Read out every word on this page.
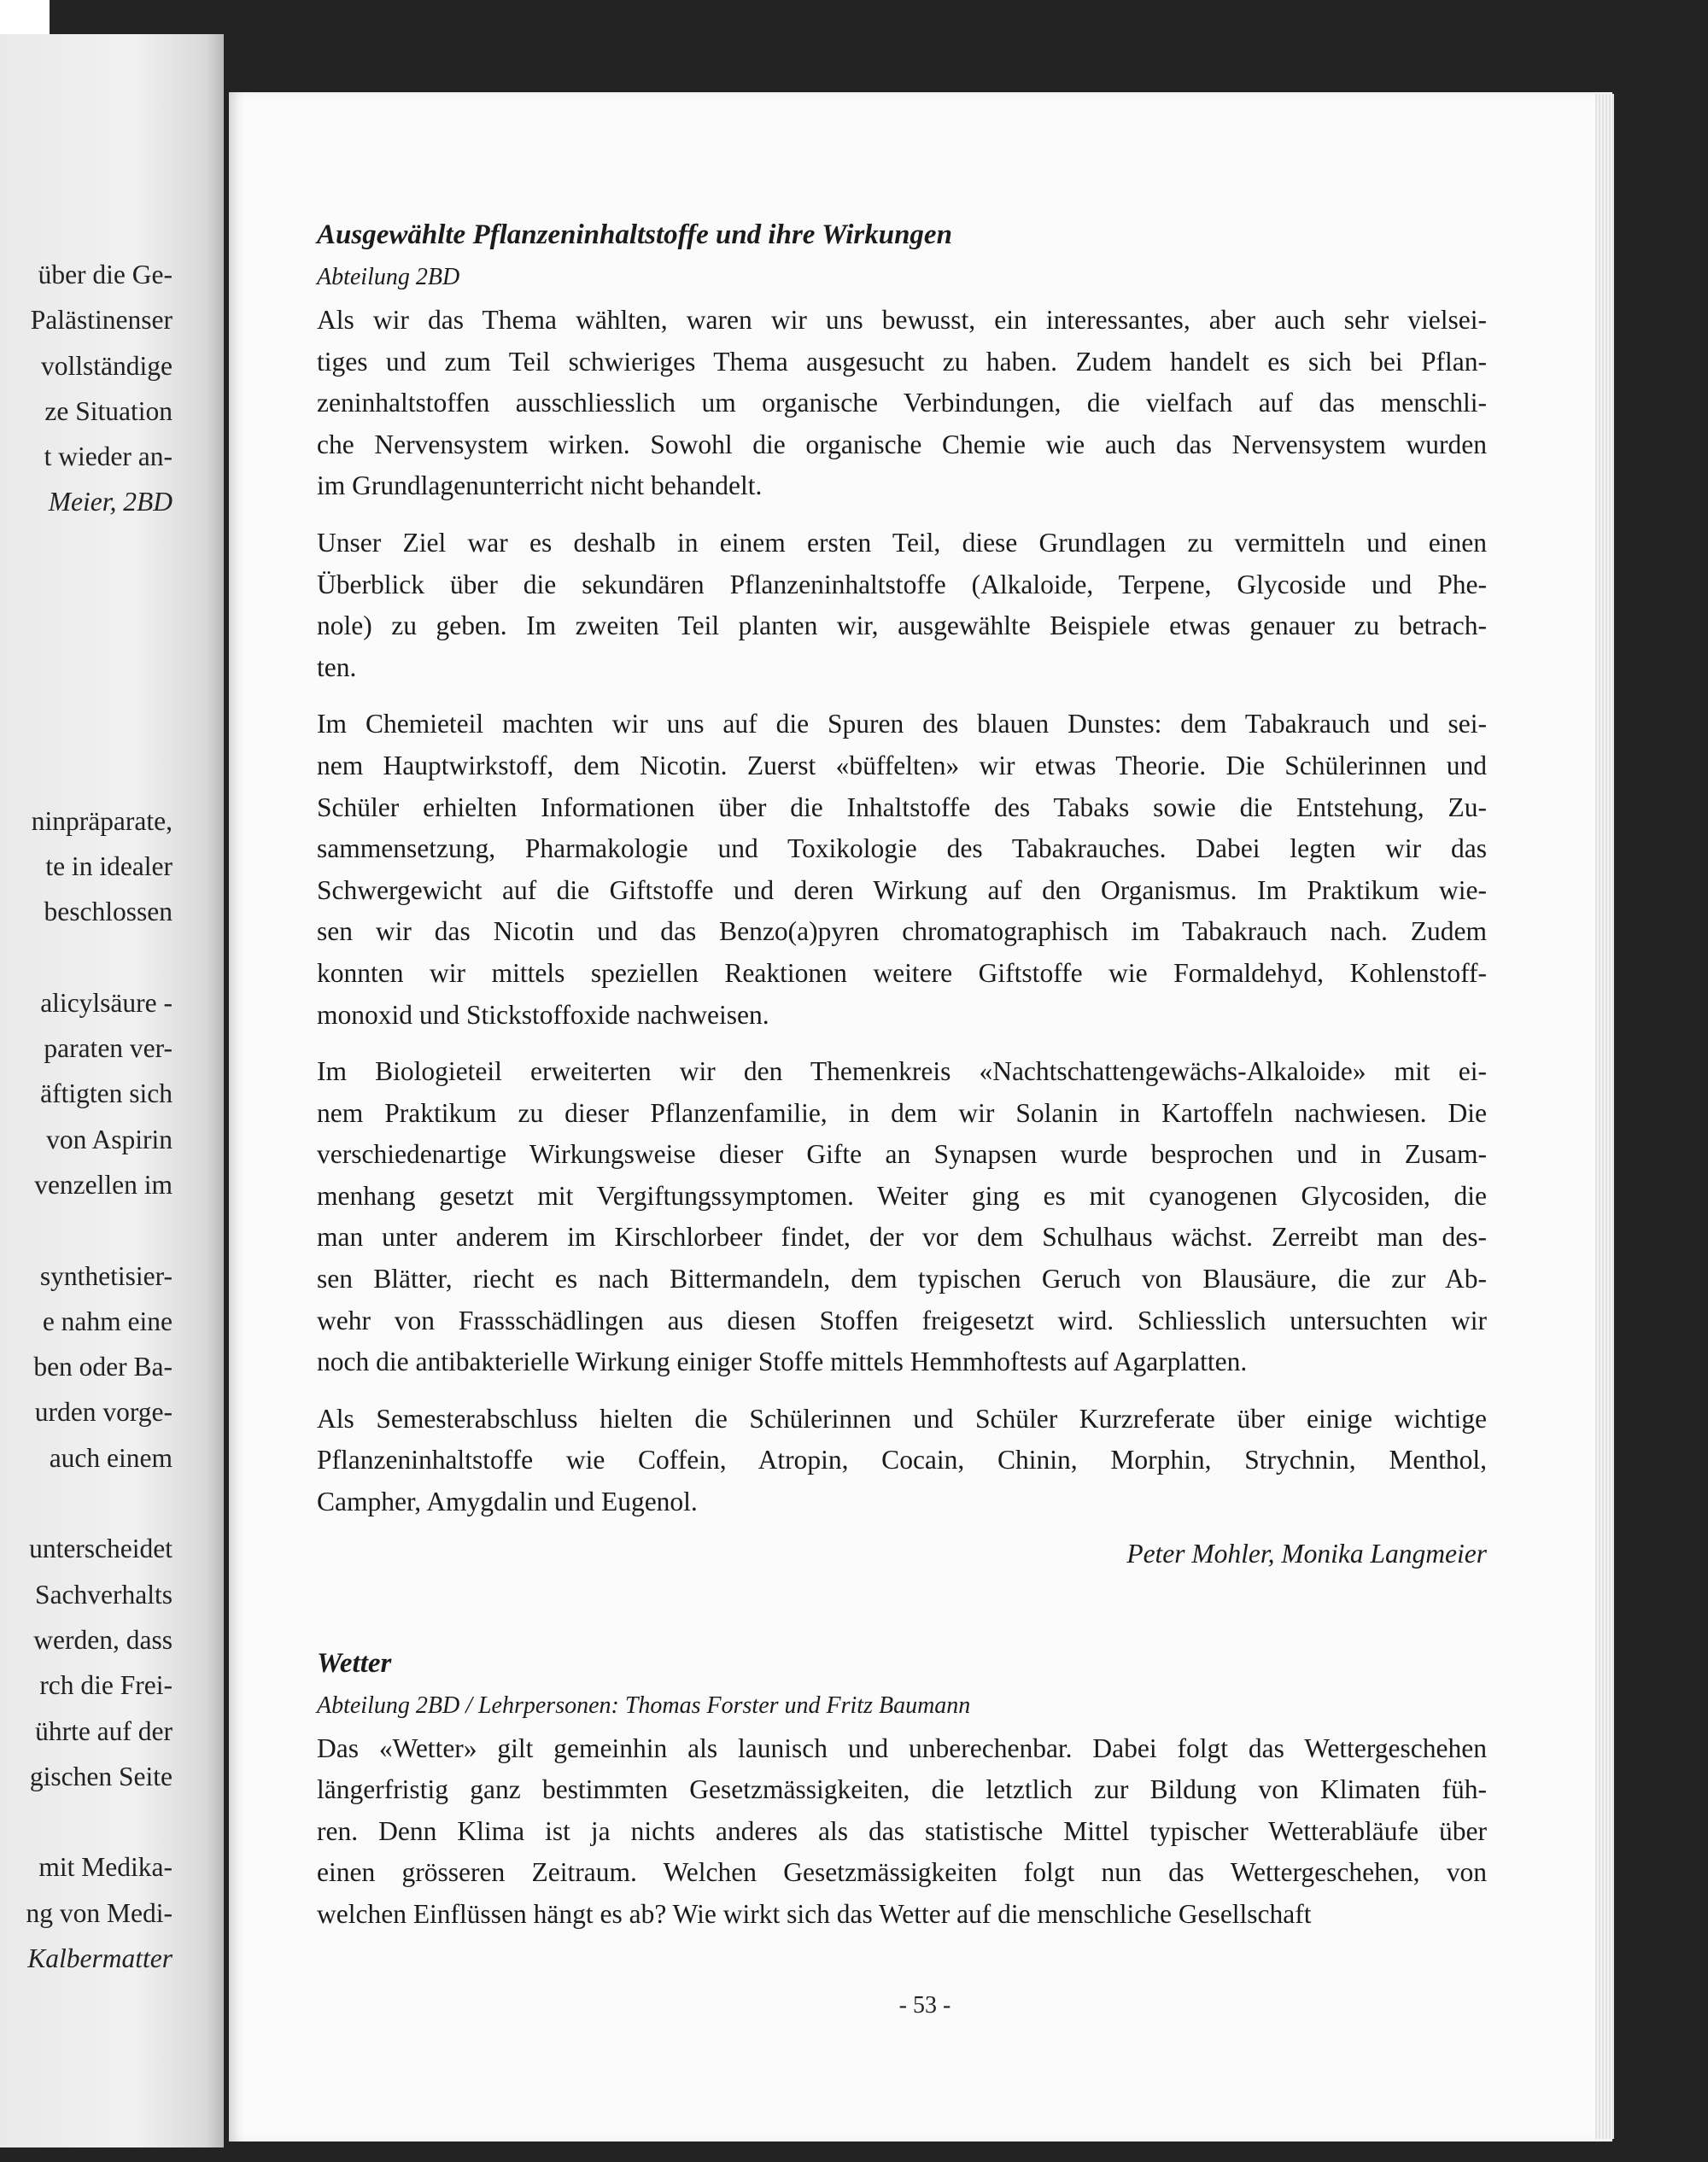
über die Ge-
Palästinenser
vollständige
ze Situation
t wieder an-
Meier, 2BD
ninpräparate,
te in idealer
beschlossen
alicylsäure -
parаten ver-
äftigten sich
von Aspirin
venzellen im
synthetisier-
e nahm eine
ben oder Ba-
urden vorge-
auch einem
unterscheidet
Sachverhalts
werden, dass
rch die Frei-
ührte auf der
gischen Seite
mit Medika-
ng von Medi-
Kalbermatter
Ausgewählte Pflanzeninhaltstoffe und ihre Wirkungen
Abteilung 2BD

Als wir das Thema wählten, waren wir uns bewusst, ein interessantes, aber auch sehr vielsei-
tiges und zum Teil schwieriges Thema ausgesucht zu haben. Zudem handelt es sich bei Pflan-
zeninhaltstoffen ausschliesslich um organische Verbindungen, die vielfach auf das menschli-
che Nervensystem wirken. Sowohl die organische Chemie wie auch das Nervensystem wurden
im Grundlagenunterricht nicht behandelt.

Unser Ziel war es deshalb in einem ersten Teil, diese Grundlagen zu vermitteln und einen
Überblick über die sekundären Pflanzeninhaltstoffe (Alkaloide, Terpene, Glycoside und Phe-
nole) zu geben. Im zweiten Teil planten wir, ausgewählte Beispiele etwas genauer zu betrach-
ten.

Im Chemieteil machten wir uns auf die Spuren des blauen Dunstes: dem Tabakrauch und sei-
nem Hauptwirkstoff, dem Nicotin. Zuerst «büffelten» wir etwas Theorie. Die Schülerinnen und
Schüler erhielten Informationen über die Inhaltstoffe des Tabaks sowie die Entstehung, Zu-
sammensetzung, Pharmakologie und Toxikologie des Tabakrauches. Dabei legten wir das
Schwergewicht auf die Giftstoffe und deren Wirkung auf den Organismus. Im Praktikum wie-
sen wir das Nicotin und das Benzo(a)pyren chromatographisch im Tabakrauch nach. Zudem
konnten wir mittels speziellen Reaktionen weitere Giftstoffe wie Formaldehyd, Kohlenstoff-
monoxid und Stickstoffoxide nachweisen.

Im Biologieteil erweiterten wir den Themenkreis «Nachtschattengewächs-Alkaloide» mit ei-
nem Praktikum zu dieser Pflanzenfamilie, in dem wir Solanin in Kartoffeln nachwiesen. Die
verschiedenartige Wirkungsweise dieser Gifte an Synapsen wurde besprochen und in Zusam-
menhang gesetzt mit Vergiftungssymptomen. Weiter ging es mit cyanogenen Glycosiden, die
man unter anderem im Kirschlorbeer findet, der vor dem Schulhaus wächst. Zerreibt man des-
sen Blätter, riecht es nach Bittermandeln, dem typischen Geruch von Blausäure, die zur Ab-
wehr von Frassschädlingen aus diesen Stoffen freigesetzt wird. Schliesslich untersuchten wir
noch die antibakterielle Wirkung einiger Stoffe mittels Hemmhoftests auf Agarplatten.

Als Semesterabschluss hielten die Schülerinnen und Schüler Kurzreferate über einige wichtige
Pflanzeninhaltstoffe wie Coffein, Atropin, Cocain, Chinin, Morphin, Strychnin, Menthol,
Campher, Amygdalin und Eugenol.

Peter Mohler, Monika Langmeier
Wetter
Abteilung 2BD / Lehrpersonen: Thomas Forster und Fritz Baumann

Das «Wetter» gilt gemeinhin als launisch und unberechenbar. Dabei folgt das Wettergeschehen
längerfristig ganz bestimmten Gesetzmässigkeiten, die letztlich zur Bildung von Klimaten füh-
ren. Denn Klima ist ja nichts anderes als das statistische Mittel typischer Wetterabläufe über
einen grösseren Zeitraum. Welchen Gesetzmässigkeiten folgt nun das Wettergeschehen, von
welchen Einflüssen hängt es ab? Wie wirkt sich das Wetter auf die menschliche Gesellschaft

- 53 -
